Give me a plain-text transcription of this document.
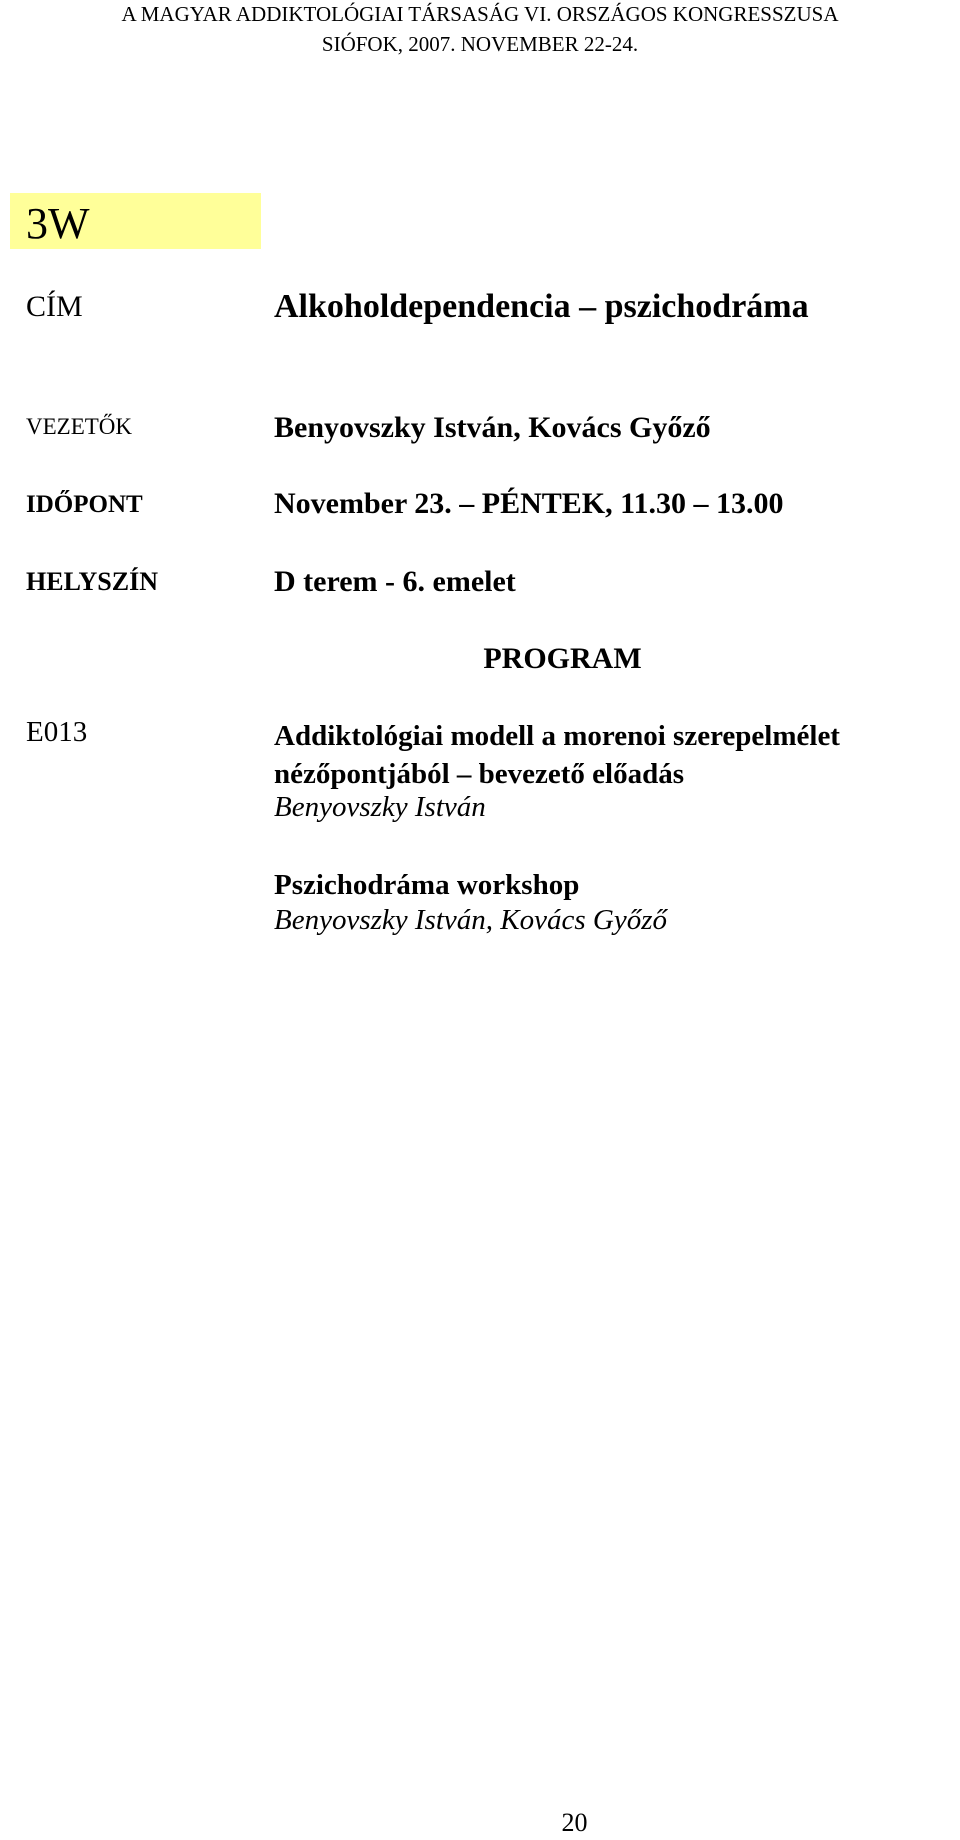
A MAGYAR ADDIKTOLÓGIAI TÁRSASÁG VI. ORSZÁGOS KONGRESSZUSA
SIÓFOK, 2007. NOVEMBER 22-24.
3W
CÍM	Alkoholdependencia – pszichodráma
VEZETŐK	Benyovszky István, Kovács Győző
IDŐPONT	November 23. – PÉNTEK, 11.30 – 13.00
HELYSZÍN	D terem - 6. emelet
PROGRAM
E013	Addiktológiai modell a morenoi szerepelmélet nézőpontjából – bevezető előadás
Benyovszky István
Pszichodráma workshop
Benyovszky István, Kovács Győző
20
